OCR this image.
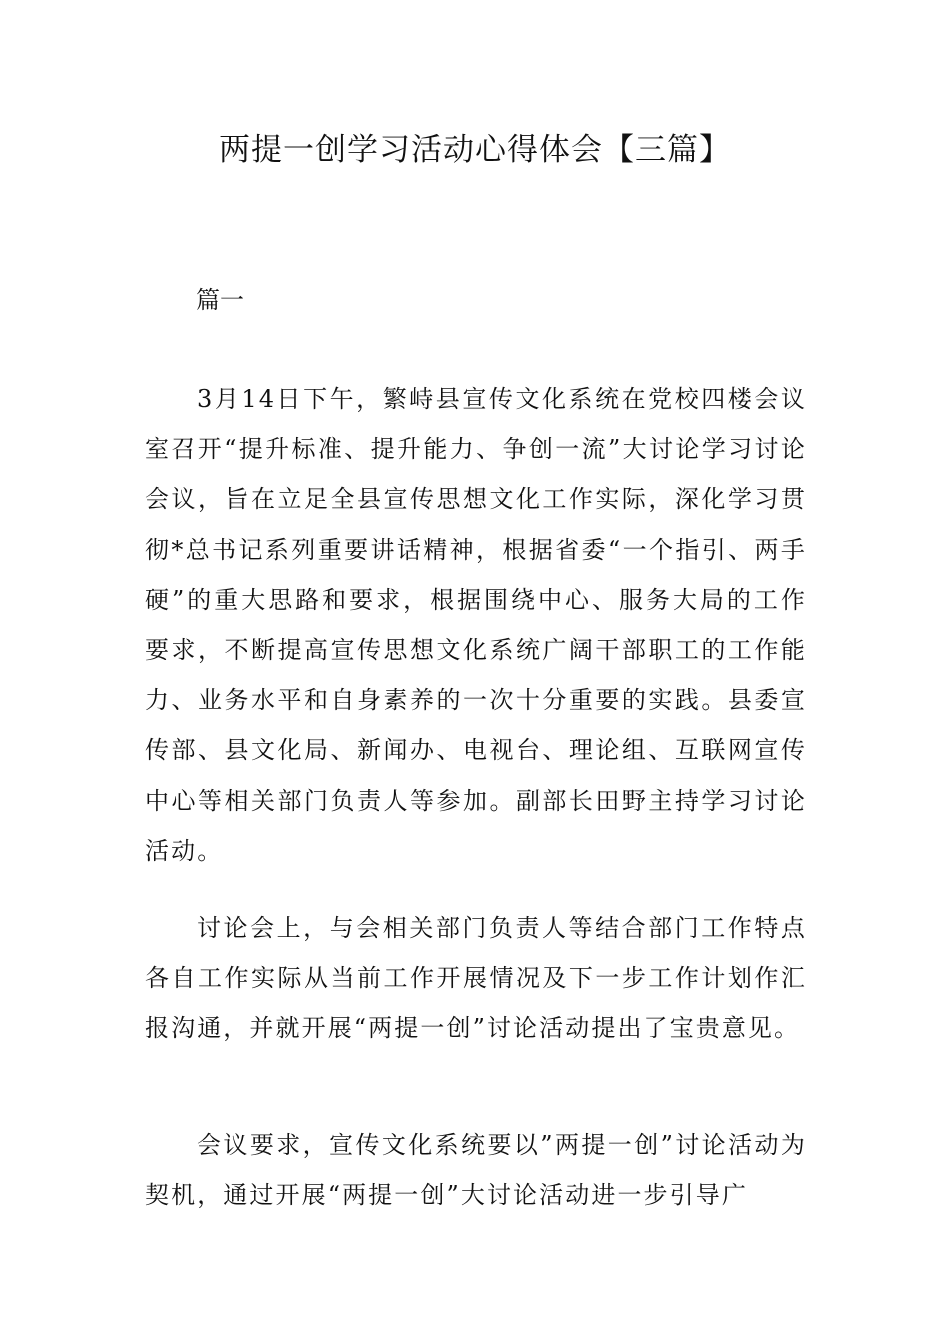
两提一创学习活动心得体会【三篇】
篇一

3月14日下午，繁峙县宣传文化系统在党校四楼会议室召开“提升标准、提升能力、争创一流”大讨论学习讨论会议，旨在立足全县宣传思想文化工作实际，深化学习贯彻*总书记系列重要讲话精神，根据省委“一个指引、两手硬”的重大思路和要求，根据围绕中心、服务大局的工作要求，不断提高宣传思想文化系统广阔干部职工的工作能力、业务水平和自身素养的一次十分重要的实践。县委宣传部、县文化局、新闻办、电视台、理论组、互联网宣传中心等相关部门负责人等参加。副部长田野主持学习讨论活动。

讨论会上，与会相关部门负责人等结合部门工作特点各自工作实际从当前工作开展情况及下一步工作计划作汇报沟通，并就开展“两提一创”讨论活动提出了宝贵意见。

会议要求，宣传文化系统要以”两提一创”讨论活动为契机，通过开展“两提一创”大讨论活动进一步引导广
